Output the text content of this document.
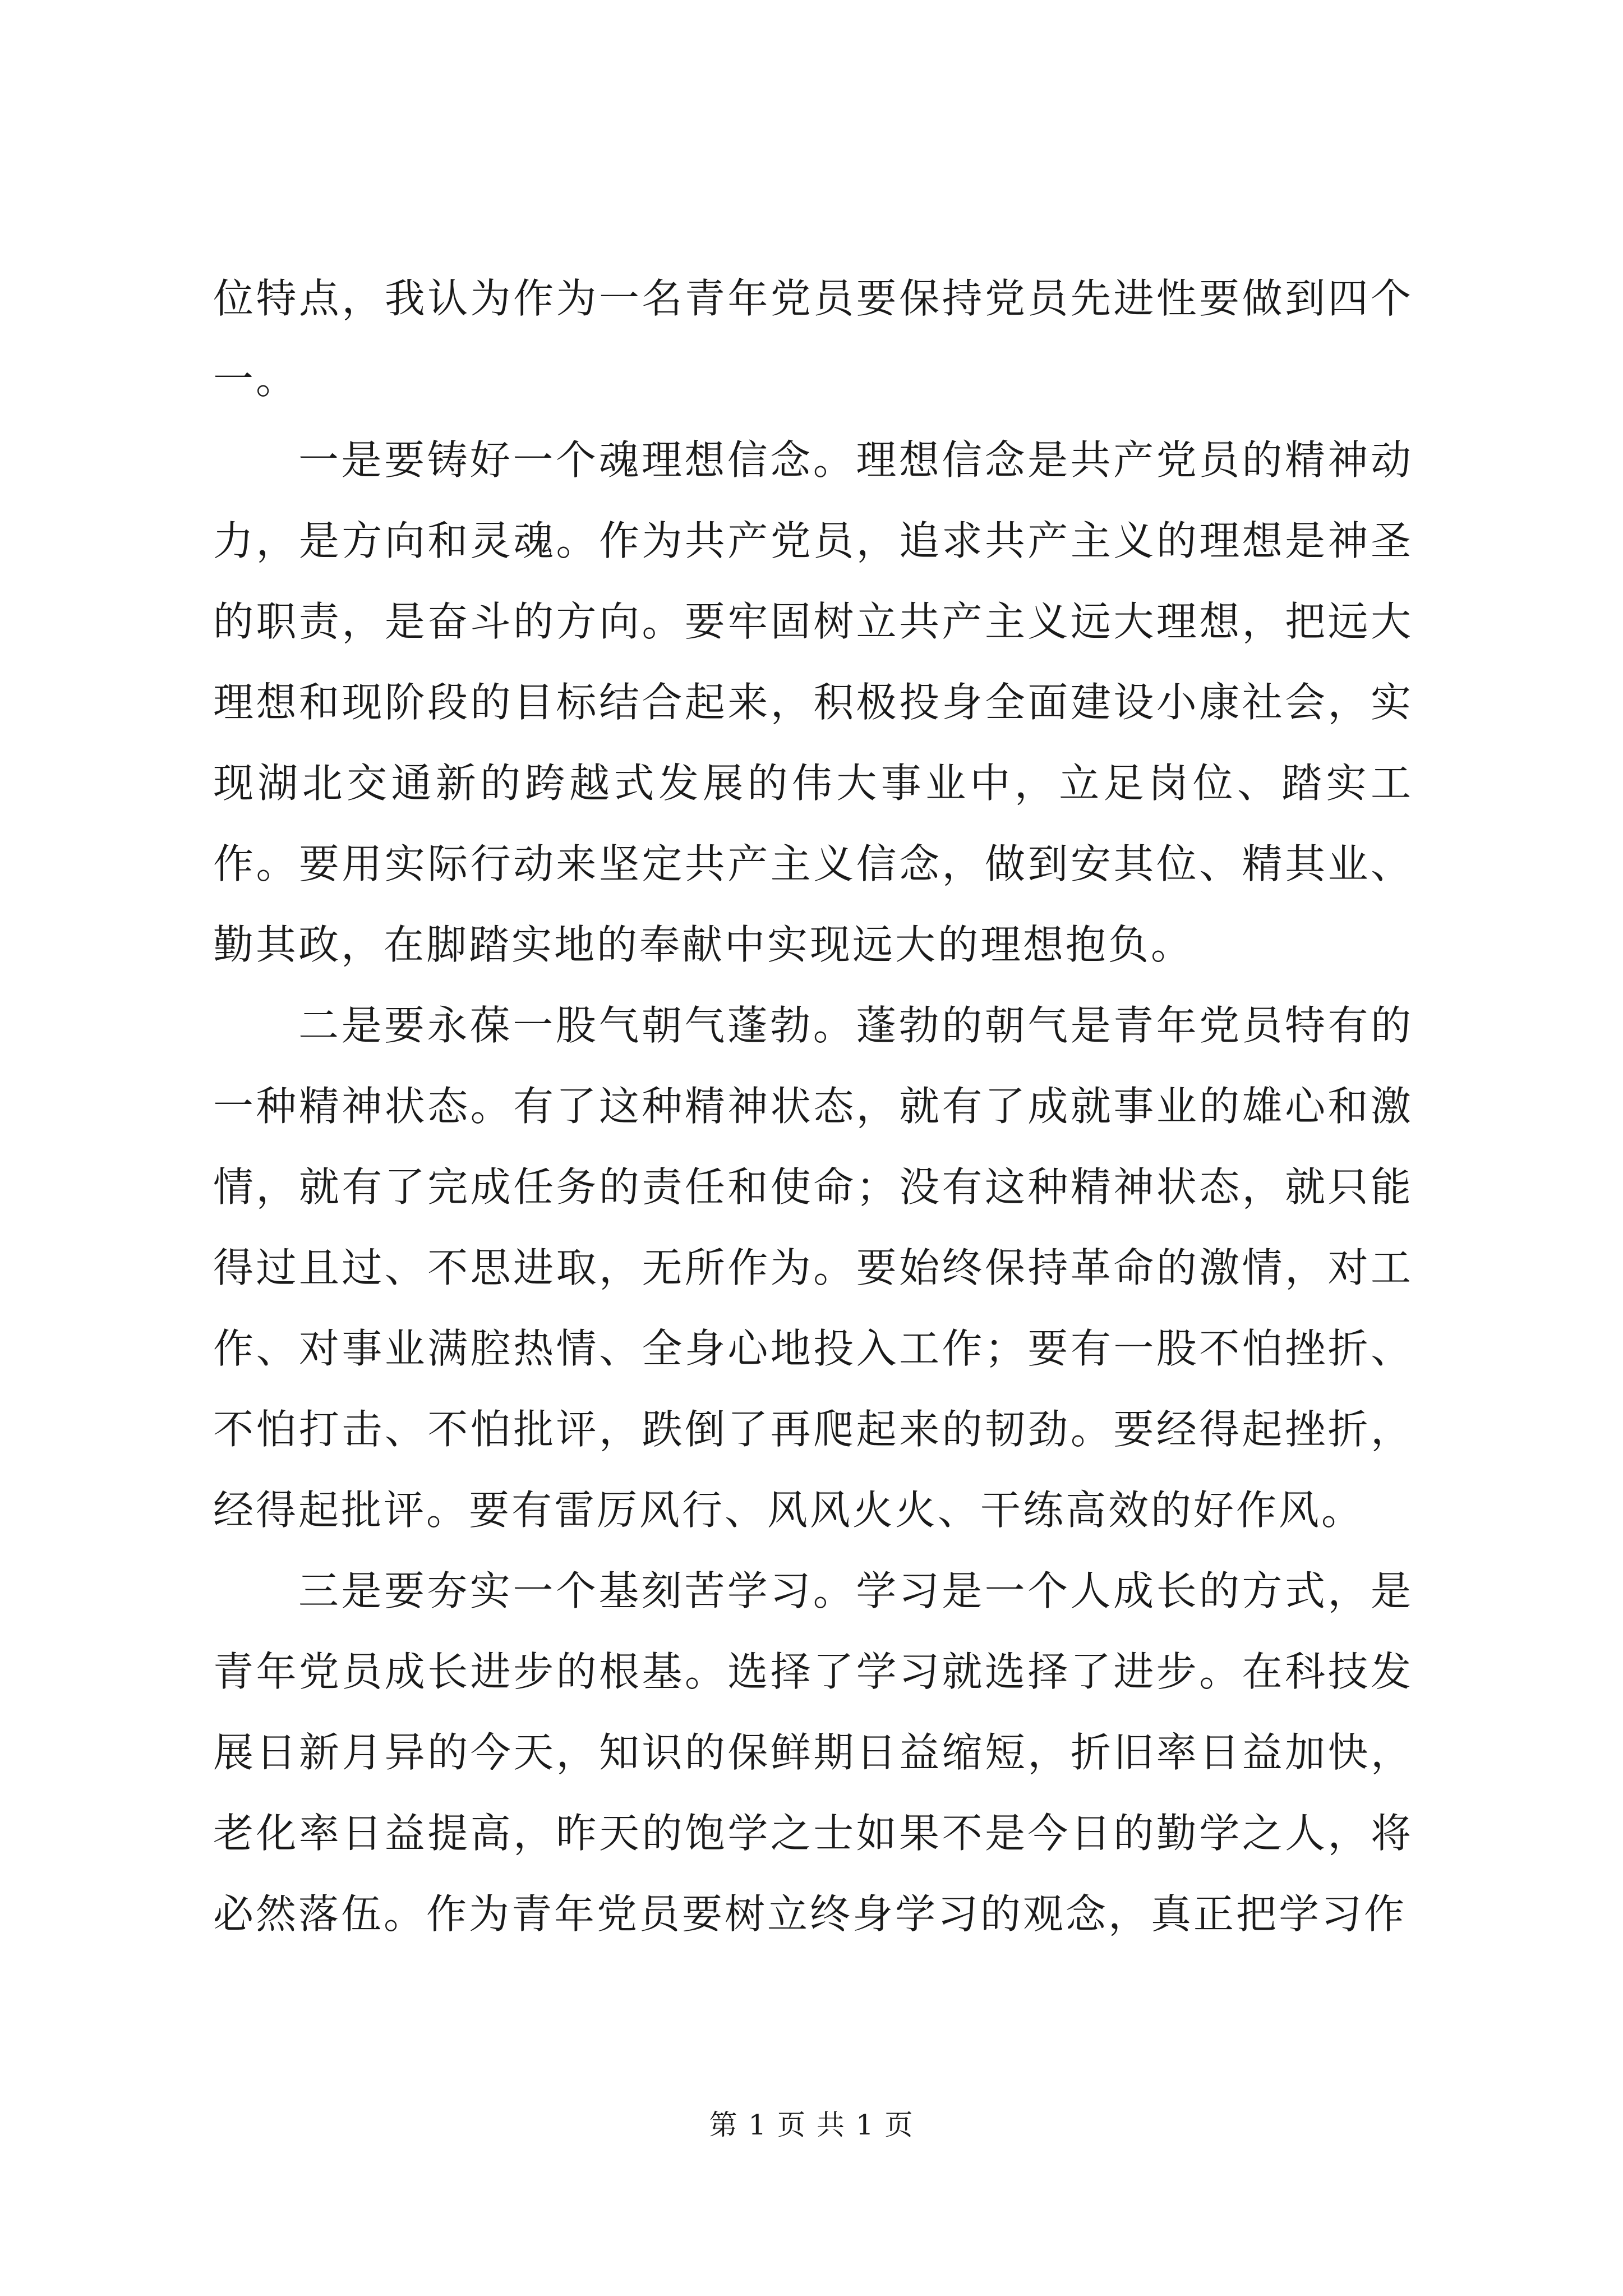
位特点，我认为作为一名青年党员要保持党员先进性要做到四个一。

一是要铸好一个魂理想信念。理想信念是共产党员的精神动力，是方向和灵魂。作为共产党员，追求共产主义的理想是神圣的职责，是奋斗的方向。要牢固树立共产主义远大理想，把远大理想和现阶段的目标结合起来，积极投身全面建设小康社会，实现湖北交通新的跨越式发展的伟大事业中，立足岗位、踏实工作。要用实际行动来坚定共产主义信念，做到安其位、精其业、勤其政，在脚踏实地的奉献中实现远大的理想抱负。

二是要永葆一股气朝气蓬勃。蓬勃的朝气是青年党员特有的一种精神状态。有了这种精神状态，就有了成就事业的雄心和激情，就有了完成任务的责任和使命；没有这种精神状态，就只能得过且过、不思进取，无所作为。要始终保持革命的激情，对工作、对事业满腔热情、全身心地投入工作；要有一股不怕挫折、不怕打击、不怕批评，跌倒了再爬起来的韧劲。要经得起挫折，经得起批评。要有雷厉风行、风风火火、干练高效的好作风。

三是要夯实一个基刻苦学习。学习是一个人成长的方式，是青年党员成长进步的根基。选择了学习就选择了进步。在科技发展日新月异的今天，知识的保鲜期日益缩短，折旧率日益加快，老化率日益提高，昨天的饱学之士如果不是今日的勤学之人，将必然落伍。作为青年党员要树立终身学习的观念，真正把学习作

第 1 页 共 1 页
